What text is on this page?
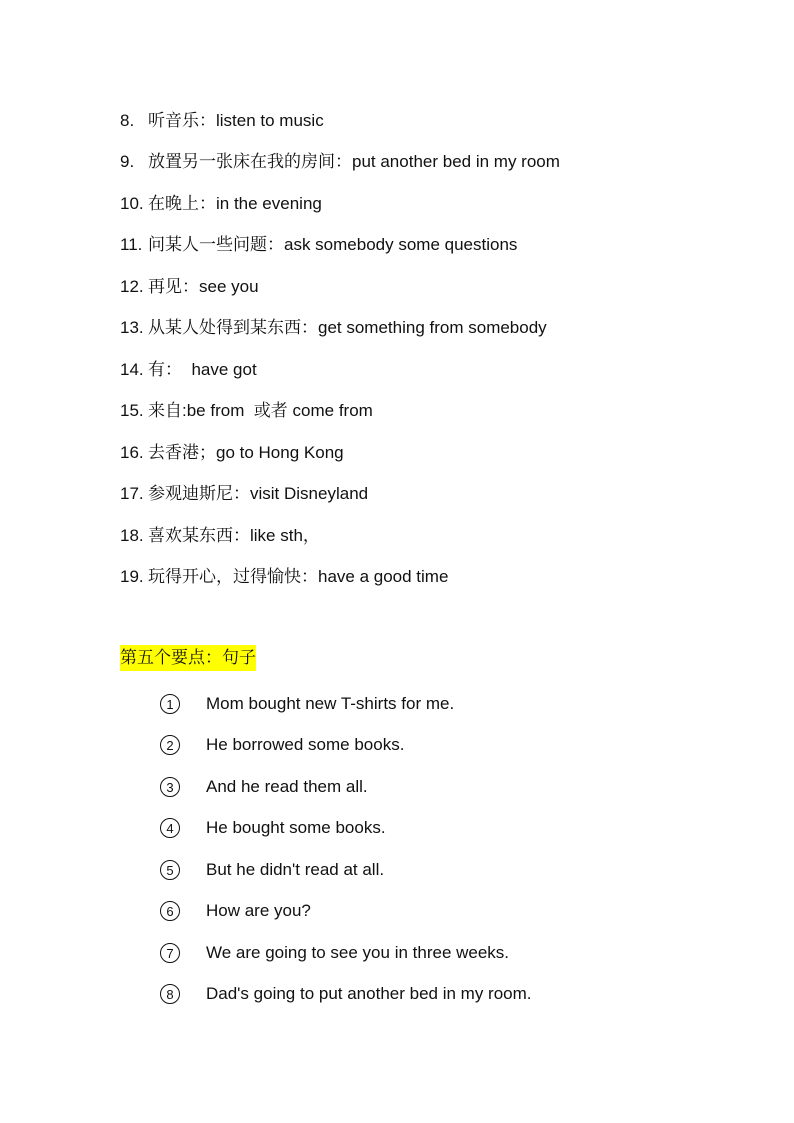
8. 听音乐：listen to music
9. 放置另一张床在我的房间：put another bed in my room
10. 在晚上：in the evening
11. 问某人一些问题：ask somebody some questions
12. 再见：see you
13. 从某人处得到某东西：get something from somebody
14. 有：  have got
15. 来自:be from  或者 come from
16. 去香港；go to Hong Kong
17. 参观迪斯尼：visit Disneyland
18. 喜欢某东西：like sth，
19. 玩得开心，过得愉快：have a good time
第五个要点：句子
1	Mom bought new T-shirts for me.
2	He borrowed some books.
3	And he read them all.
4	He bought some books.
5	But he didn't read at all.
6	How are you?
7	We are going to see you in three weeks.
8	Dad's going to put another bed in my room.
